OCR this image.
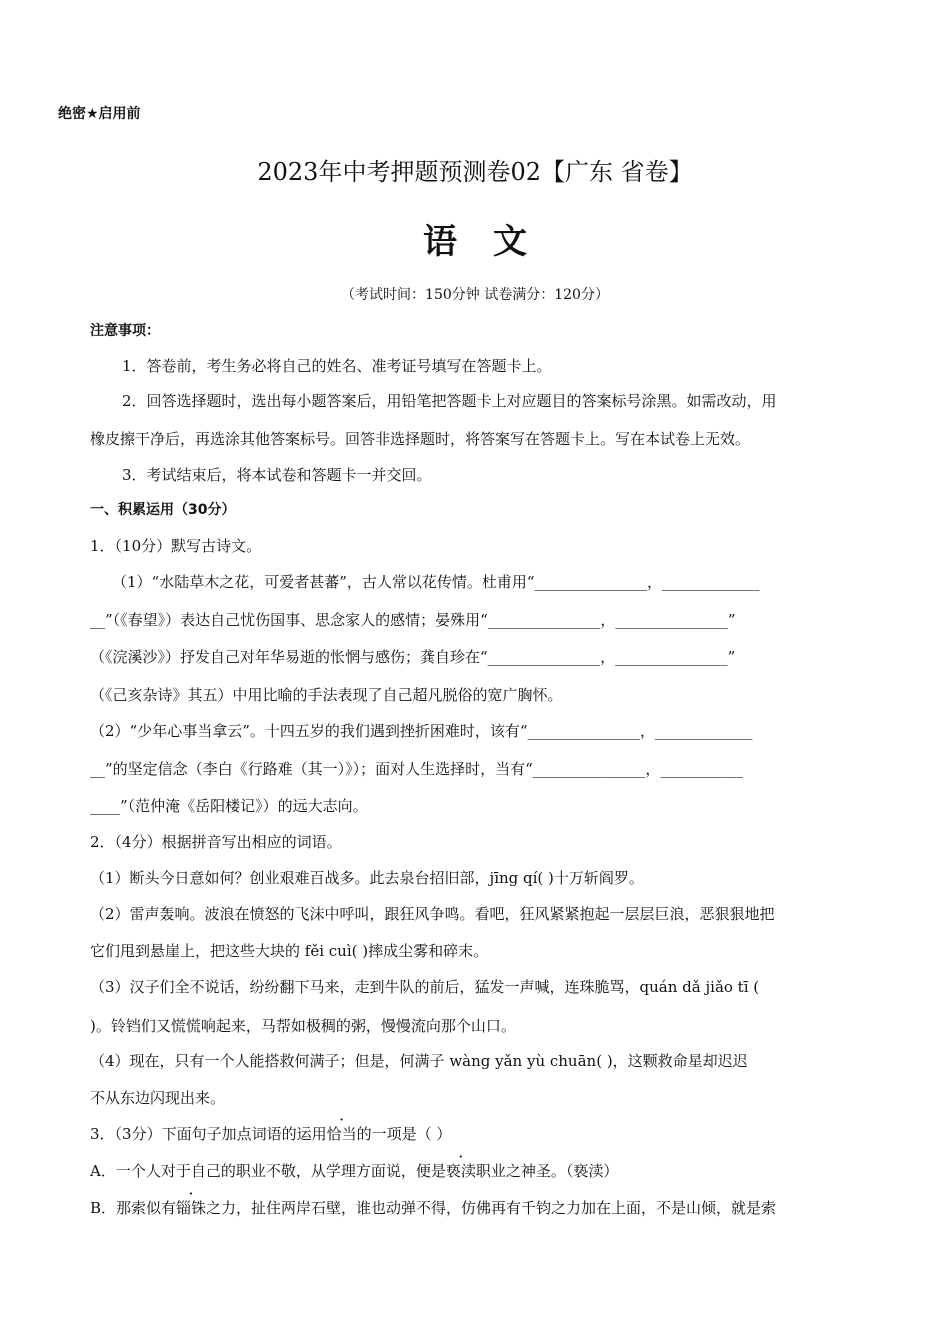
绝密★启用前
2023年中考押题预测卷02【广东 省卷】
语文
（考试时间：150分钟 试卷满分：120分）
注意事项：
1．答卷前，考生务必将自己的姓名、准考证号填写在答题卡上。
2．回答选择题时，选出每小题答案后，用铅笔把答题卡上对应题目的答案标号涂黑。如需改动，用
橡皮擦干净后，再选涂其他答案标号。回答非选择题时，将答案写在答题卡上。写在本试卷上无效。
3．考试结束后，将本试卷和答题卡一并交回。
一、积累运用（30分）
1．（10分）默写古诗文。
（1）“水陆草木之花，可爱者甚蕃”，古人常以花传情。杜甫用“_______________，_____________
__”（《春望》）表达自己忧伤国事、思念家人的感情；晏殊用“_______________，_______________”
（《浣溪沙》）抒发自己对年华易逝的怅惘与感伤；龚自珍在“_______________，_______________”
（《己亥杂诗》其五）中用比喻的手法表现了自己超凡脱俗的宽广胸怀。
（2）“少年心事当拿云”。十四五岁的我们遇到挫折困难时，该有“_______________，_____________
__”的坚定信念（李白《行路难（其一）》）；面对人生选择时，当有“_______________，___________
____”（范仲淹《岳阳楼记》）的远大志向。
2．（4分）根据拼音写出相应的词语。
（1）断头今日意如何？创业艰难百战多。此去泉台招旧部，jīng qí( )十万斩阎罗。
（2）雷声轰响。波浪在愤怒的飞沫中呼叫，跟狂风争鸣。看吧，狂风紧紧抱起一层层巨浪，恶狠狠地把
它们甩到悬崖上，把这些大块的 fěi cuì( )摔成尘雾和碎末。
（3）汉子们全不说话，纷纷翻下马来，走到牛队的前后，猛发一声喊，连珠脆骂，quán dǎ jiǎo tī (
)。铃铛们又慌慌响起来，马帮如极稠的粥，慢慢流向那个山口。
（4）现在，只有一个人能搭救何满子；但是，何满子 wàng yǎn yù chuān( )，这颗救命星却迟迟
不从东边闪现出来。
3．（3分）下面句子加点词语的运用恰当的一项是（ ）
A．一个人对于自己的职业不敬，从学理方面说，便是亵渎职业之神圣。（亵渎）
B．那索似有锱铢之力，扯住两岸石壁，谁也动弹不得，仿佛再有千钧之力加在上面，不是山倾，就是索
